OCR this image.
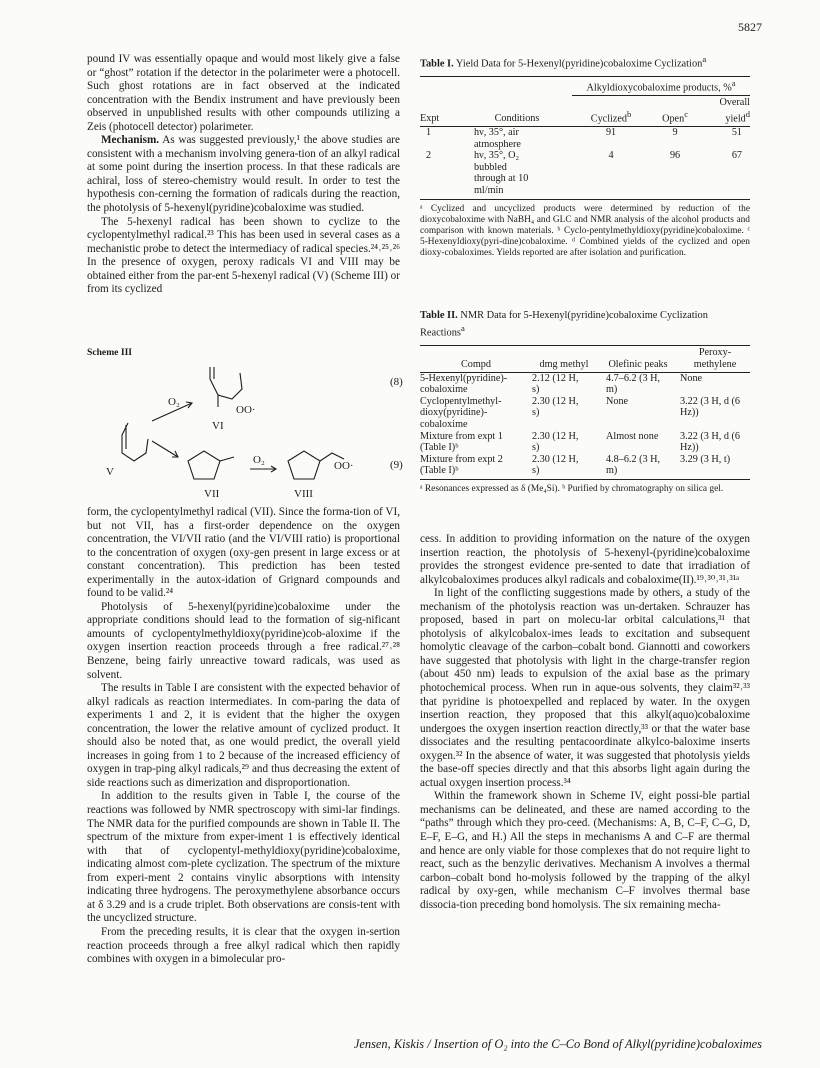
5827

pound IV was essentially opaque and would most likely give a false or “ghost” rotation if the detector in the polarimeter were a photocell. Such ghost rotations are in fact observed at the indicated concentration with the Bendix instrument and have previously been observed in unpublished results with other compounds utilizing a Zeis (photocell detector) polarimeter.

Mechanism. As was suggested previously,¹ the above studies are consistent with a mechanism involving genera-tion of an alkyl radical at some point during the insertion process. In that these radicals are achiral, loss of stereo-chemistry would result. In order to test the hypothesis con-cerning the formation of radicals during the reaction, the photolysis of 5-hexenyl(pyridine)cobaloxime was studied.

The 5-hexenyl radical has been shown to cyclize to the cyclopentylmethyl radical.²³ This has been used in several cases as a mechanistic probe to detect the intermediacy of radical species.²⁴˒²⁵˒²⁶ In the presence of oxygen, peroxy radicals VI and VIII may be obtained either from the par-ent 5-hexenyl radical (V) (Scheme III) or from its cyclized

Scheme III
(8)
(9)
O₂
OO·
VI
V
O₂	OO·
VII	VIII

form, the cyclopentylmethyl radical (VII). Since the forma-tion of VI, but not VII, has a first-order dependence on the oxygen concentration, the VI/VII ratio (and the VI/VIII ratio) is proportional to the concentration of oxygen (oxy-gen present in large excess or at constant concentration). This prediction has been tested experimentally in the autox-idation of Grignard compounds and found to be valid.²⁴

Photolysis of 5-hexenyl(pyridine)cobaloxime under the appropriate conditions should lead to the formation of sig-nificant amounts of cyclopentylmethyldioxy(pyridine)cob-aloxime if the oxygen insertion reaction proceeds through a free radical.²⁷˒²⁸ Benzene, being fairly unreactive toward radicals, was used as solvent.

The results in Table I are consistent with the expected behavior of alkyl radicals as reaction intermediates. In com-paring the data of experiments 1 and 2, it is evident that the higher the oxygen concentration, the lower the relative amount of cyclized product. It should also be noted that, as one would predict, the overall yield increases in going from 1 to 2 because of the increased efficiency of oxygen in trap-ping alkyl radicals,²⁹ and thus decreasing the extent of side reactions such as dimerization and disproportionation.

In addition to the results given in Table I, the course of the reactions was followed by NMR spectroscopy with simi-lar findings. The NMR data for the purified compounds are shown in Table II. The spectrum of the mixture from exper-iment 1 is effectively identical with that of cyclopentyl-methyldioxy(pyridine)cobaloxime, indicating almost com-plete cyclization. The spectrum of the mixture from experi-ment 2 contains vinylic absorptions with intensity indicating three hydrogens. The peroxymethylene absorbance occurs at δ 3.29 and is a crude triplet. Both observations are consis-tent with the uncyclized structure.

From the preceding results, it is clear that the oxygen in-sertion reaction proceeds through a free alkyl radical which then rapidly combines with oxygen in a bimolecular pro-

Table I. Yield Data for 5-Hexenyl(pyridine)cobaloxime Cyclization$^a$
		Alkyldioxycobaloxime products, %$^a$
Expt	Conditions	Cyclized$^b$	Open$^c$	Overall yield$^d$
1	hν, 35°, air atmosphere	91	9	51
2	hν, 35°, O₂ bubbled through at 10 ml/min	4	96	67

ᵃ Cyclized and uncyclized products were determined by reduction of the dioxycobaloxime with NaBH₄ and GLC and NMR analysis of the alcohol products and comparison with known materials. ᵇ Cyclo-pentylmethyldioxy(pyridine)cobaloxime. ᶜ 5-Hexenyldioxy(pyri-dine)cobaloxime. ᵈ Combined yields of the cyclized and open dioxy-cobaloximes. Yields reported are after isolation and purification.

Table II. NMR Data for 5-Hexenyl(pyridine)cobaloxime Cyclization Reactions$^a$
Compd	dmg methyl	Olefinic peaks	Peroxy-methylene
5-Hexenyl(pyridine)-cobaloxime	2.12 (12 H, s)	4.7–6.2 (3 H, m)	None
Cyclopentylmethyl-dioxy(pyridine)-cobaloxime	2.30 (12 H, s)	None	3.22 (3 H, d (6 Hz))
Mixture from expt 1 (Table I)ᵇ	2.30 (12 H, s)	Almost none	3.22 (3 H, d (6 Hz))
Mixture from expt 2 (Table I)ᵇ	2.30 (12 H, s)	4.8–6.2 (3 H, m)	3.29 (3 H, t)

ᵃ Resonances expressed as δ (Me₄Si). ᵇ Purified by chromatography on silica gel.

cess. In addition to providing information on the nature of the oxygen insertion reaction, the photolysis of 5-hexenyl-(pyridine)cobaloxime provides the strongest evidence pre-sented to date that irradiation of alkylcobaloximes produces alkyl radicals and cobaloxime(II).¹⁹˒³⁰˒³¹˒³¹ᵃ

In light of the conflicting suggestions made by others, a study of the mechanism of the photolysis reaction was un-dertaken. Schrauzer has proposed, based in part on molecu-lar orbital calculations,³¹ that photolysis of alkylcobalox-imes leads to excitation and subsequent homolytic cleavage of the carbon–cobalt bond. Giannotti and coworkers have suggested that photolysis with light in the charge-transfer region (about 450 nm) leads to expulsion of the axial base as the primary photochemical process. When run in aque-ous solvents, they claim³²˒³³ that pyridine is photoexpelled and replaced by water. In the oxygen insertion reaction, they proposed that this alkyl(aquo)cobaloxime undergoes the oxygen insertion reaction directly,³³ or that the water base dissociates and the resulting pentacoordinate alkylco-baloxime inserts oxygen.³² In the absence of water, it was suggested that photolysis yields the base-off species directly and that this absorbs light again during the actual oxygen insertion process.³⁴

Within the framework shown in Scheme IV, eight possi-ble partial mechanisms can be delineated, and these are named according to the “paths” through which they pro-ceed. (Mechanisms: A, B, C–F, C–G, D, E–F, E–G, and H.) All the steps in mechanisms A and C–F are thermal and hence are only viable for those complexes that do not require light to react, such as the benzylic derivatives. Mechanism A involves a thermal carbon–cobalt bond ho-molysis followed by the trapping of the alkyl radical by oxy-gen, while mechanism C–F involves thermal base dissocia-tion preceding bond homolysis. The six remaining mecha-

Jensen, Kiskis / Insertion of O₂ into the C–Co Bond of Alkyl(pyridine)cobaloximes
